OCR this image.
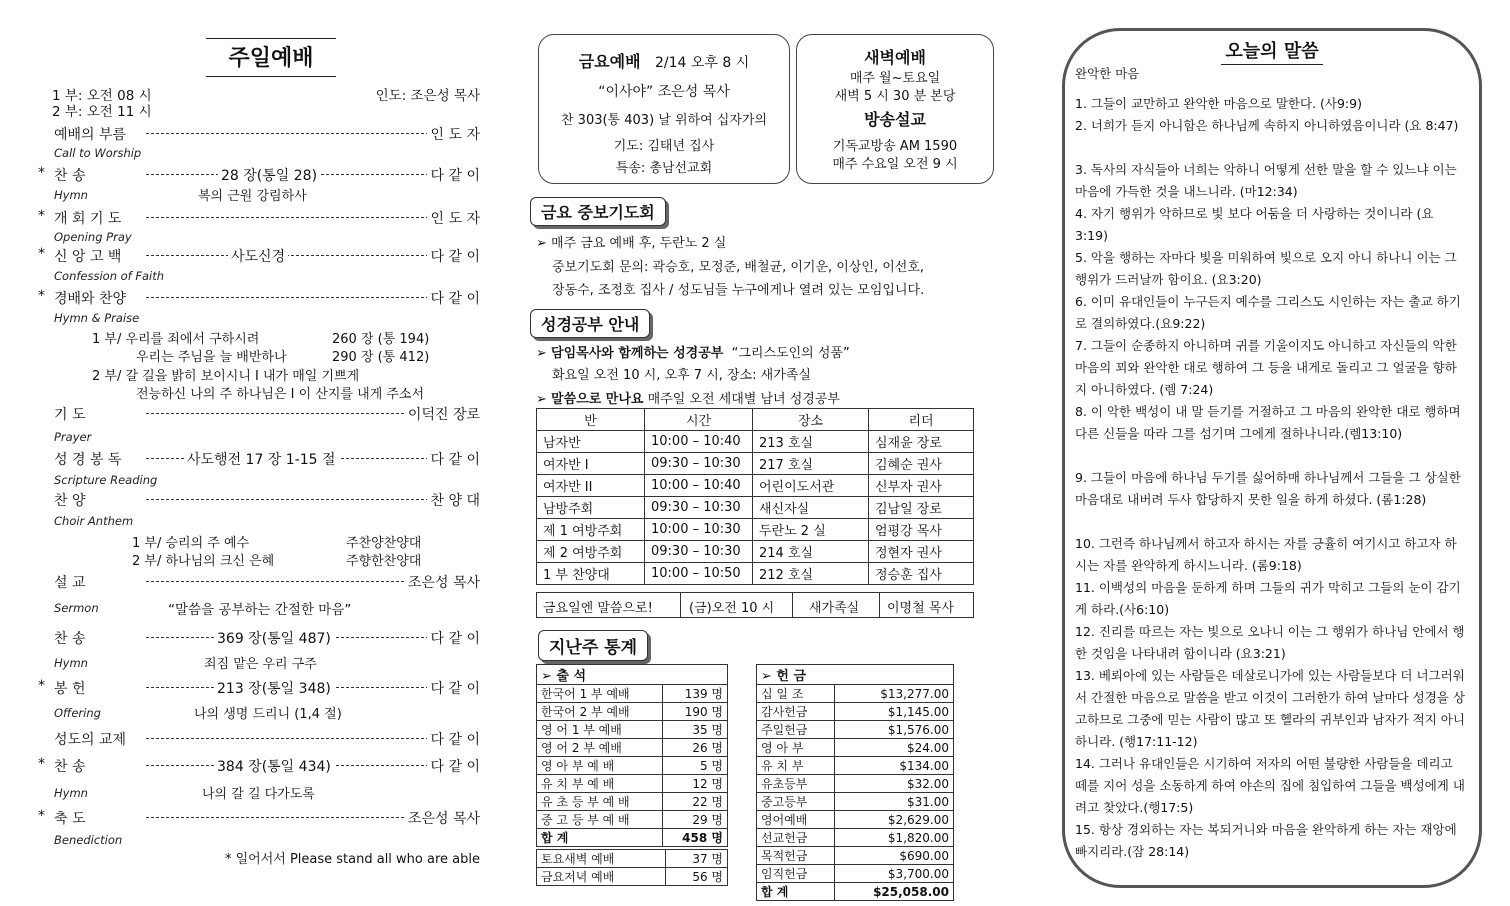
주일예배
1 부: 오전 08 시
2 부: 오전 11 시
인도: 조은성 목사
예배의 부름	인 도 자
Call to Worship
* 찬 송	28 장(통일 28)	다 같 이
Hymn	복의 근원 강림하사
* 개 회 기 도	인 도 자
Opening Pray
* 신 앙 고 백	사도신경	다 같 이
Confession of Faith
* 경배와 찬양	다 같 이
Hymn & Praise
1 부/ 우리를 죄에서 구하시려	260 장 (통 194)
우리는 주님을 늘 배반하나	290 장 (통 412)
2 부/ 갈 길을 밝히 보이시니 I 내가 매일 기쁘게
전능하신 나의 주 하나님은 I 이 산지를 내게 주소서
기 도	이덕진 장로
Prayer
성 경 봉 독	사도행전 17 장 1-15 절	다 같 이
Scripture Reading
찬 양	찬 양 대
Choir Anthem
1 부/ 승리의 주 예수	주찬양찬양대
2 부/ 하나님의 크신 은혜	주향한찬양대
설 교	조은성 목사
Sermon	“말씀을 공부하는 간절한 마음”
찬 송	369 장(통일 487)	다 같 이
Hymn	죄짐 맡은 우리 구주
* 봉 헌	213 장(통일 348)	다 같 이
Offering	나의 생명 드리니 (1,4 절)
성도의 교제	다 같 이
* 찬 송	384 장(통일 434)	다 같 이
Hymn	나의 갈 길 다가도록
* 축 도	조은성 목사
Benediction
* 일어서서 Please stand all who are able
금요예배 2/14 오후 8 시
“이사야” 조은성 목사
찬 303(통 403) 날 위하여 십자가의
기도: 김태년 집사
특송: 총남선교회
새벽예배
매주 월~토요일
새벽 5 시 30 분 본당
방송설교
기독교방송 AM 1590
매주 수요일 오전 9 시
금요 중보기도회
➢ 매주 금요 예배 후, 두란노 2 실
중보기도회 문의: 곽승호, 모정준, 배철균, 이기운, 이상인, 이선호,
장동수, 조정호 집사 / 성도님들 누구에게나 열려 있는 모임입니다.
성경공부 안내
➢ 담임목사와 함께하는 성경공부 “그리스도인의 성품”
화요일 오전 10 시, 오후 7 시, 장소: 새가족실
➢ 말씀으로 만나요 매주일 오전 세대별 남녀 성경공부
반	시간	장소	리더
남자반	10:00 – 10:40	213 호실	심재윤 장로
여자반 I	09:30 – 10:30	217 호실	김혜순 권사
여자반 II	10:00 – 10:40	어린이도서관	신부자 권사
남방주회	09:30 – 10:30	새신자실	김남일 장로
제 1 여방주회	10:00 – 10:30	두란노 2 실	엄평강 목사
제 2 여방주회	09:30 – 10:30	214 호실	정현자 권사
1 부 찬양대	10:00 – 10:50	212 호실	정승훈 집사
금요일엔 말씀으로!	(금)오전 10 시	새가족실 이명철 목사
지난주 통계
➢ 출 석	
한국어 1 부 예배	139 명
한국어 2 부 예배	190 명
영 어 1 부 예배	35 명
영 어 2 부 예배	26 명
영 아 부 예 배	5 명
유 치 부 예 배	12 명
유 초 등 부 예 배	22 명
중 고 등 부 예 배	29 명
합 계	458 명
토요새벽 예배	37 명
금요저녁 예배	56 명
➢ 헌 금	
십 일 조	$13,277.00
감사헌금	$1,145.00
주일헌금	$1,576.00
영 아 부	$24.00
유 치 부	$134.00
유초등부	$32.00
중고등부	$31.00
영어예배	$2,629.00
선교헌금	$1,820.00
목적헌금	$690.00
임직헌금	$3,700.00
합 계	$25,058.00
오늘의 말씀
완악한 마음
1. 그들이 교만하고 완악한 마음으로 말한다. (사9:9)
2. 너희가 듣지 아니함은 하나님께 속하지 아니하였음이니라 (요 8:47)
3. 독사의 자식들아 너희는 악하니 어떻게 선한 말을 할 수 있느냐 이는 마음에 가득한 것을 내느니라. (마12:34)
4. 자기 행위가 악하므로 빛 보다 어둠을 더 사랑하는 것이니라 (요 3:19)
5. 악을 행하는 자마다 빛을 미워하여 빛으로 오지 아니 하나니 이는 그 행위가 드러날까 함이요. (요3:20)
6. 이미 유대인들이 누구든지 예수를 그리스도 시인하는 자는 출교 하기로 결의하였다.(요9:22)
7. 그들이 순종하지 아니하며 귀를 기울이지도 아니하고 자신들의 악한 마음의 꾀와 완악한 대로 행하여 그 등을 내게로 돌리고 그 얼굴을 향하지 아니하였다. (렘 7:24)
8. 이 악한 백성이 내 말 듣기를 거절하고 그 마음의 완악한 대로 행하며 다른 신들을 따라 그를 섬기며 그에게 절하나니라.(렘13:10)
9. 그들이 마음에 하나님 두기를 싫어하매 하나님께서 그들을 그 상실한 마음대로 내버려 두사 합당하지 못한 일을 하게 하셨다. (롬1:28)
10. 그런즉 하나님께서 하고자 하시는 자를 긍휼히 여기시고 하고자 하시는 자를 완악하게 하시느니라. (롬9:18)
11. 이백성의 마음을 둔하게 하며 그들의 귀가 막히고 그들의 눈이 감기게 하라.(사6:10)
12. 진리를 따르는 자는 빛으로 오나니 이는 그 행위가 하나님 안에서 행한 것임을 나타내려 함이니라 (요3:21)
13. 베뢰아에 있는 사람들은 데살로니가에 있는 사람들보다 더 너그러워서 간절한 마음으로 말씀을 받고 이것이 그러한가 하여 날마다 성경을 상고하므로 그중에 믿는 사람이 많고 또 헬라의 귀부인과 남자가 적지 아니하니라. (행17:11-12)
14. 그러나 유대인들은 시기하여 저자의 어떤 불량한 사람들을 데리고 떼를 지어 성을 소동하게 하여 야손의 집에 침입하여 그들을 백성에게 내려고 찾았다.(행17:5)
15. 항상 경외하는 자는 복되거니와 마음을 완악하게 하는 자는 재앙에 빠지리라.(잠 28:14)
